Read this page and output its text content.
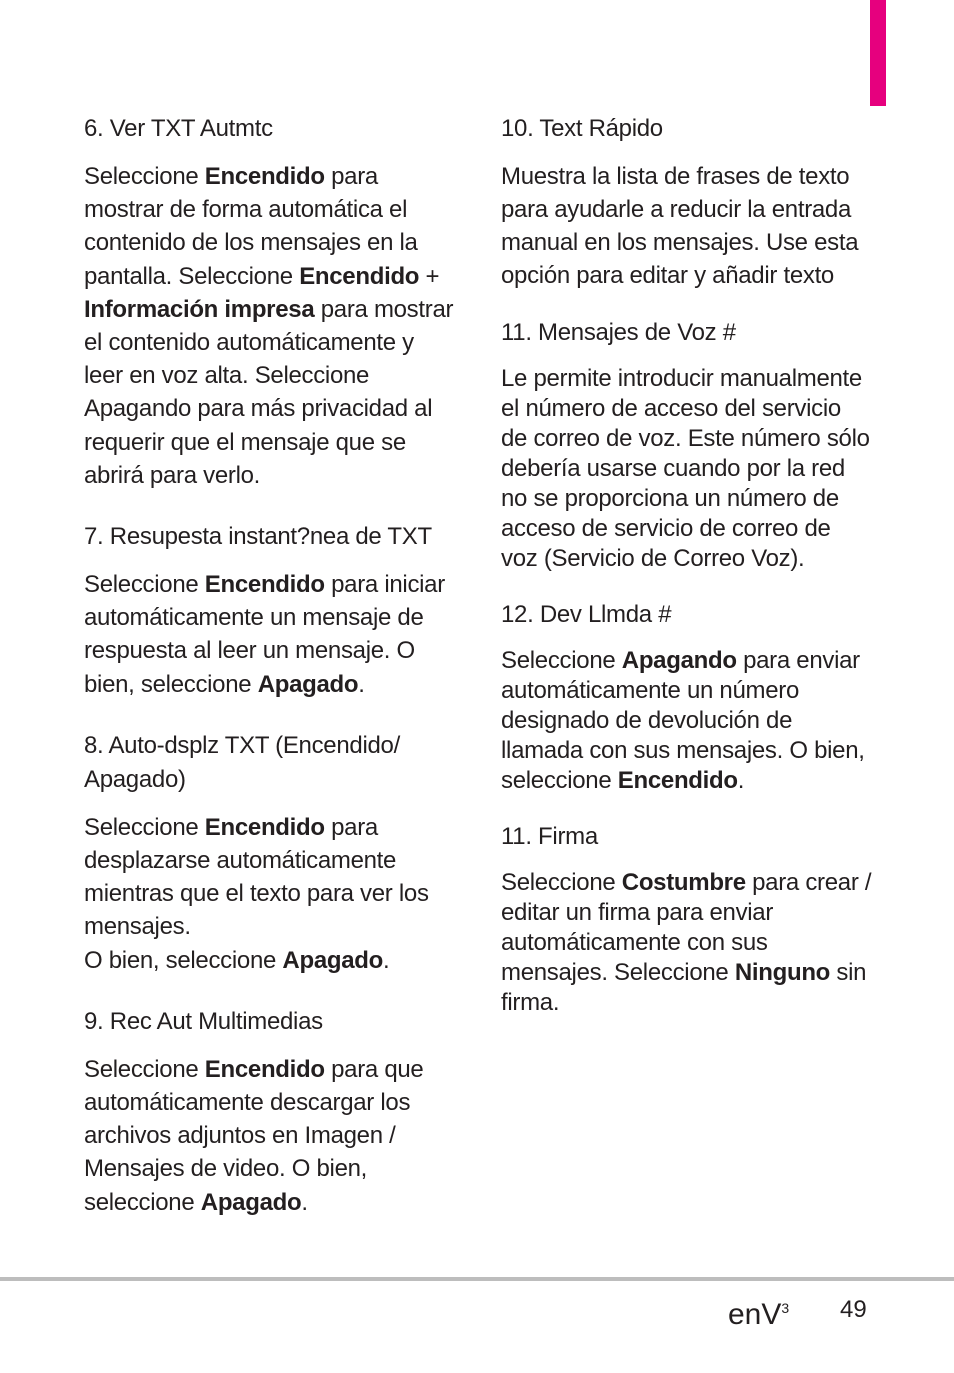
6. Ver TXT Autmtc

Seleccione Encendido para mostrar de forma automática el contenido de los mensajes en la pantalla. Seleccione Encendido + Información impresa para mostrar el contenido automáticamente y leer en voz alta. Seleccione Apagando para más privacidad al requerir que el mensaje que se abrirá para verlo.

7. Resupesta instant?nea de TXT

Seleccione Encendido para iniciar automáticamente un mensaje de respuesta al leer un mensaje. O bien, seleccione Apagado.

8. Auto-dsplz TXT (Encendido/ Apagado)

Seleccione Encendido para desplazarse automáticamente mientras que el texto para ver los mensajes.
O bien, seleccione Apagado.

9. Rec Aut Multimedias

Seleccione Encendido para que automáticamente descargar los archivos adjuntos en Imagen / Mensajes de video. O bien, seleccione Apagado.

10. Text Rápido

Muestra la lista de frases de texto para ayudarle a reducir la entrada manual en los mensajes. Use esta opción para editar y añadir texto

11. Mensajes de Voz #

Le permite introducir manualmente el número de acceso del servicio de correo de voz. Este número sólo debería usarse cuando por la red no se proporciona un número de acceso de servicio de correo de voz (Servicio de Correo Voz).

12. Dev Llmda #

Seleccione Apagando para enviar automáticamente un número designado de devolución de llamada con sus mensajes. O bien, seleccione Encendido.

11. Firma

Seleccione Costumbre para crear / editar un firma para enviar automáticamente con sus mensajes. Seleccione Ninguno sin firma.

enV$^3$ 49
